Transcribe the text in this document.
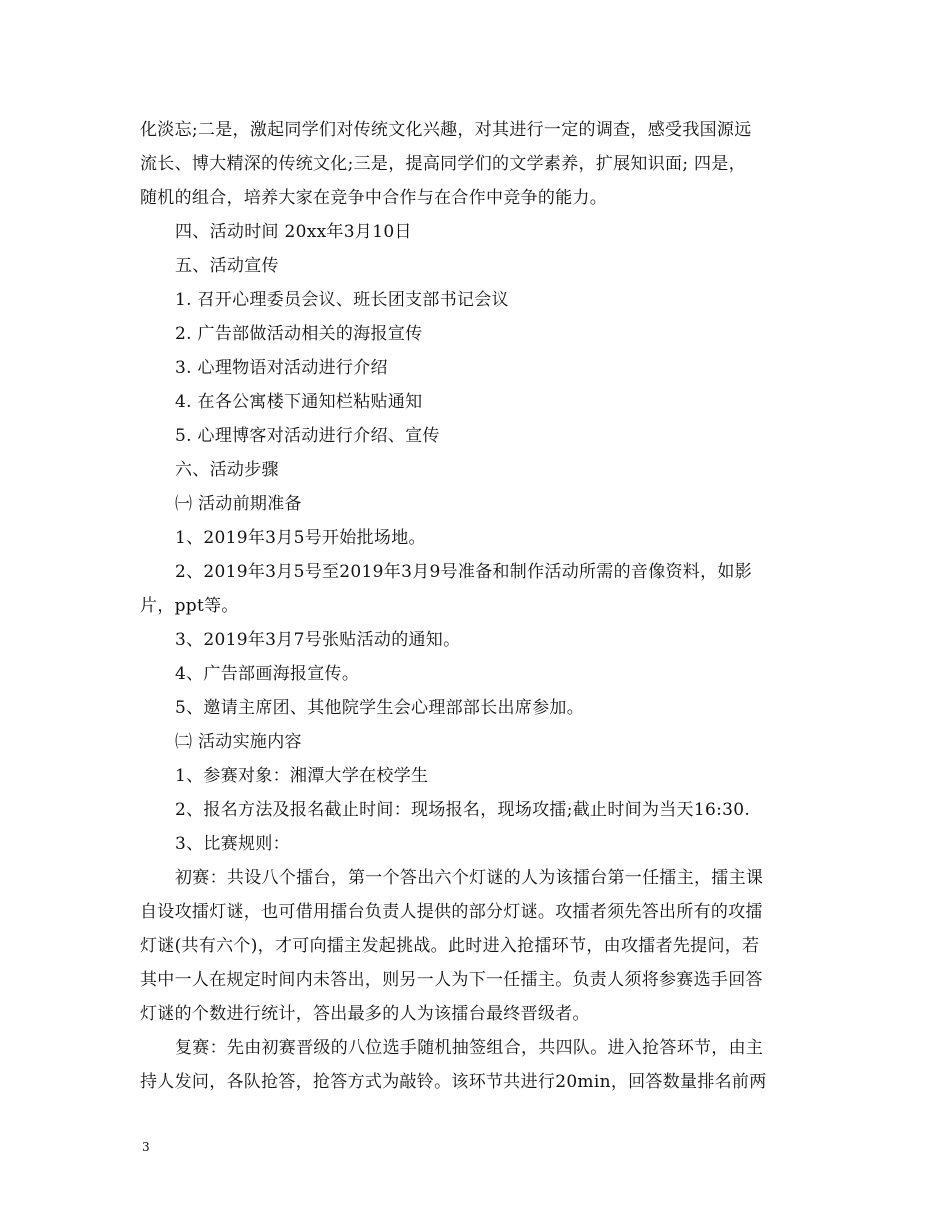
化淡忘;二是，激起同学们对传统文化兴趣，对其进行一定的调查，感受我国源远
流长、博大精深的传统文化;三是，提高同学们的文学素养，扩展知识面; 四是，
随机的组合，培养大家在竞争中合作与在合作中竞争的能力。
四、活动时间 20xx年3月10日
五、活动宣传
1. 召开心理委员会议、班长团支部书记会议
2. 广告部做活动相关的海报宣传
3. 心理物语对活动进行介绍
4. 在各公寓楼下通知栏粘贴通知
5. 心理博客对活动进行介绍、宣传
六、活动步骤
㈠ 活动前期准备
1、2019年3月5号开始批场地。
2、2019年3月5号至2019年3月9号准备和制作活动所需的音像资料，如影
片，ppt等。
3、2019年3月7号张贴活动的通知。
4、广告部画海报宣传。
5、邀请主席团、其他院学生会心理部部长出席参加。
㈡ 活动实施内容
1、参赛对象：湘潭大学在校学生
2、报名方法及报名截止时间：现场报名，现场攻擂;截止时间为当天16:30.
3、比赛规则：
初赛：共设八个擂台，第一个答出六个灯谜的人为该擂台第一任擂主，擂主课
自设攻擂灯谜，也可借用擂台负责人提供的部分灯谜。攻擂者须先答出所有的攻擂
灯谜(共有六个)，才可向擂主发起挑战。此时进入抢擂环节，由攻擂者先提问，若
其中一人在规定时间内未答出，则另一人为下一任擂主。负责人须将参赛选手回答
灯谜的个数进行统计，答出最多的人为该擂台最终晋级者。
复赛：先由初赛晋级的八位选手随机抽签组合，共四队。进入抢答环节，由主
持人发问，各队抢答，抢答方式为敲铃。该环节共进行20min，回答数量排名前两
3
